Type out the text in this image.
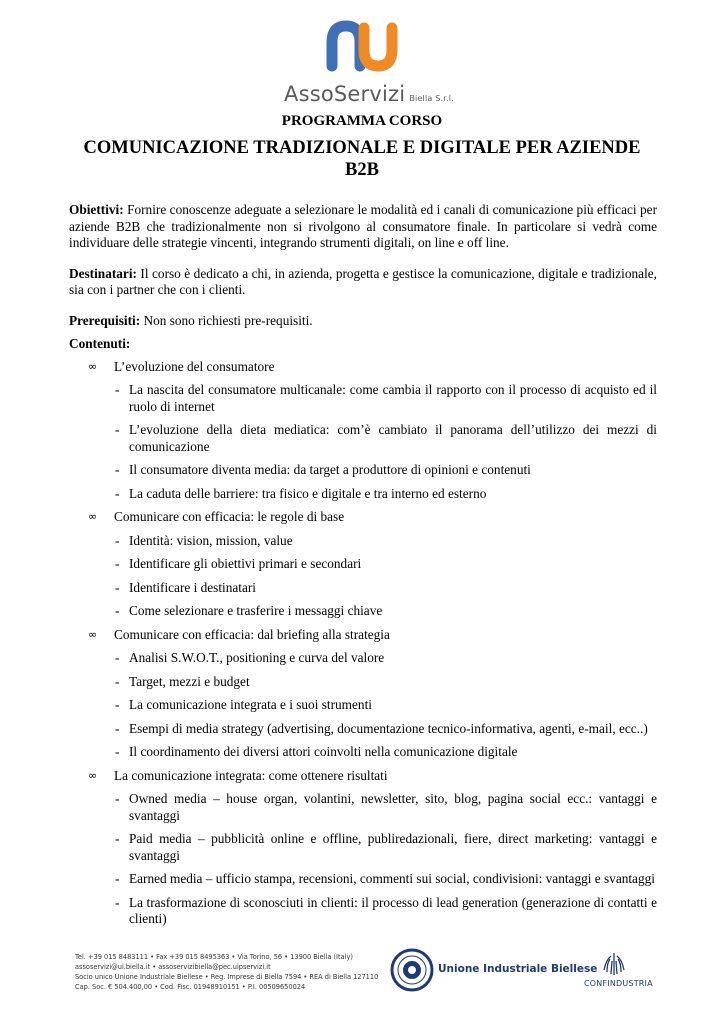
AssoServizi Biella S.r.l.
PROGRAMMA CORSO
COMUNICAZIONE TRADIZIONALE E DIGITALE PER AZIENDE B2B

Obiettivi: Fornire conoscenze adeguate a selezionare le modalità ed i canali di comunicazione più efficaci per aziende B2B che tradizionalmente non si rivolgono al consumatore finale. In particolare si vedrà come individuare delle strategie vincenti, integrando strumenti digitali, on line e off line.

Destinatari: Il corso è dedicato a chi, in azienda, progetta e gestisce la comunicazione, digitale e tradizionale, sia con i partner che con i clienti.

Prerequisiti: Non sono richiesti pre-requisiti.

Contenuti:
∞ L’evoluzione del consumatore
- La nascita del consumatore multicanale: come cambia il rapporto con il processo di acquisto ed il ruolo di internet
- L’evoluzione della dieta mediatica: com’è cambiato il panorama dell’utilizzo dei mezzi di comunicazione
- Il consumatore diventa media: da target a produttore di opinioni e contenuti
- La caduta delle barriere: tra fisico e digitale e tra interno ed esterno
∞ Comunicare con efficacia: le regole di base
- Identità: vision, mission, value
- Identificare gli obiettivi primari e secondari
- Identificare i destinatari
- Come selezionare e trasferire i messaggi chiave
∞ Comunicare con efficacia: dal briefing alla strategia
- Analisi S.W.O.T., positioning e curva del valore
- Target, mezzi e budget
- La comunicazione integrata e i suoi strumenti
- Esempi di media strategy (advertising, documentazione tecnico-informativa, agenti, e-mail, ecc..)
- Il coordinamento dei diversi attori coinvolti nella comunicazione digitale
∞ La comunicazione integrata: come ottenere risultati
- Owned media – house organ, volantini, newsletter, sito, blog, pagina social ecc.: vantaggi e svantaggi
- Paid media – pubblicità online e offline, publiredazionali, fiere, direct marketing: vantaggi e svantaggi
- Earned media – ufficio stampa, recensioni, commenti sui social, condivisioni: vantaggi e svantaggi
- La trasformazione di sconosciuti in clienti: il processo di lead generation (generazione di contatti e clienti)
Tel. +39 015 8483111 • Fax +39 015 8495363 • Via Torino, 56 • 13900 Biella (Italy)
assoservizi@ui.biella.it • assoservizibiella@pec.uipservizi.it
Socio unico Unione Industriale Biellese • Reg. Imprese di Biella 7594 • REA di Biella 127110
Cap. Soc. € 504.400,00 • Cod. Fisc. 01948910151 • P.I. 00509650024
Unione Industriale Biellese
CONFINDUSTRIA
